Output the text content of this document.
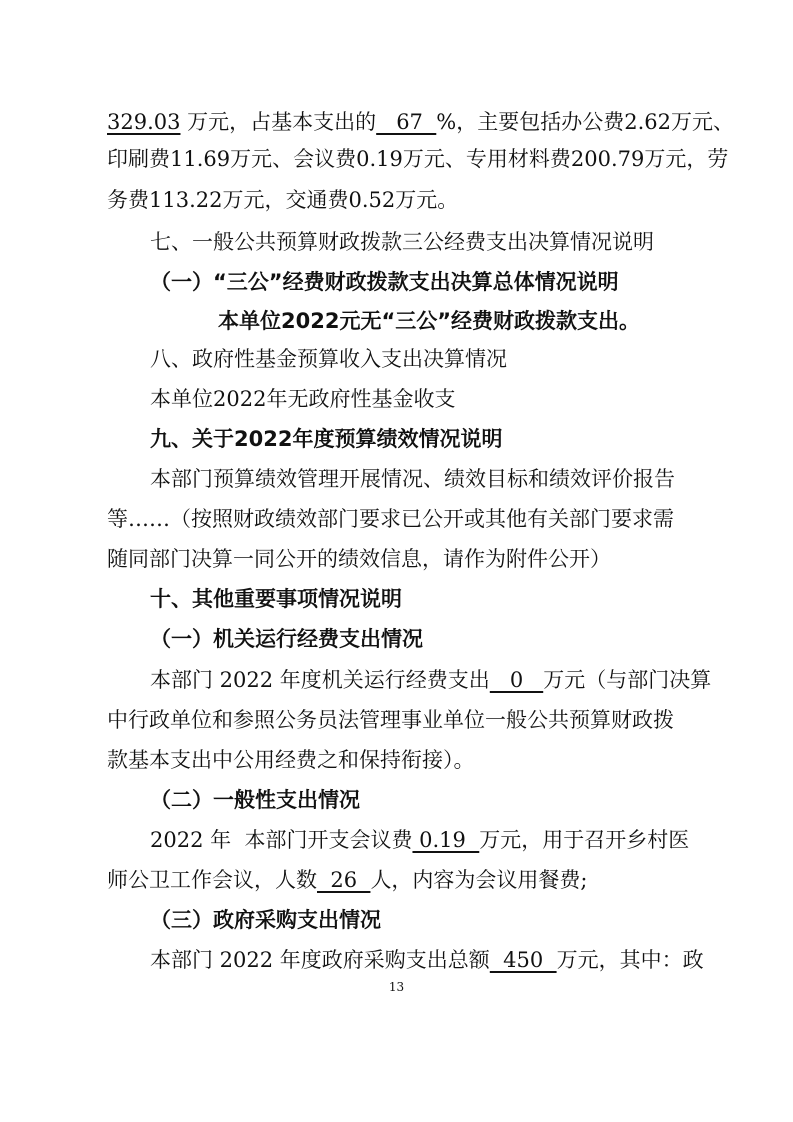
329.03 万元，占基本支出的   67  %，主要包括办公费2.62万元、
印刷费11.69万元、会议费0.19万元、专用材料费200.79万元，劳
务费113.22万元，交通费0.52万元。
七、一般公共预算财政拨款三公经费支出决算情况说明
（一）“三公”经费财政拨款支出决算总体情况说明
本单位2022元无“三公”经费财政拨款支出。
八、政府性基金预算收入支出决算情况
本单位2022年无政府性基金收支
九、关于2022年度预算绩效情况说明
本部门预算绩效管理开展情况、绩效目标和绩效评价报告
等……（按照财政绩效部门要求已公开或其他有关部门要求需
随同部门决算一同公开的绩效信息，请作为附件公开）
十、其他重要事项情况说明
（一）机关运行经费支出情况
本部门 2022 年度机关运行经费支出   0   万元（与部门决算
中行政单位和参照公务员法管理事业单位一般公共预算财政拨
款基本支出中公用经费之和保持衔接）。
（二）一般性支出情况
2022 年  本部门开支会议费 0.19  万元，用于召开乡村医
师公卫工作会议，人数  26  人，内容为会议用餐费;
（三）政府采购支出情况
本部门 2022 年度政府采购支出总额  450  万元，其中：政
13
